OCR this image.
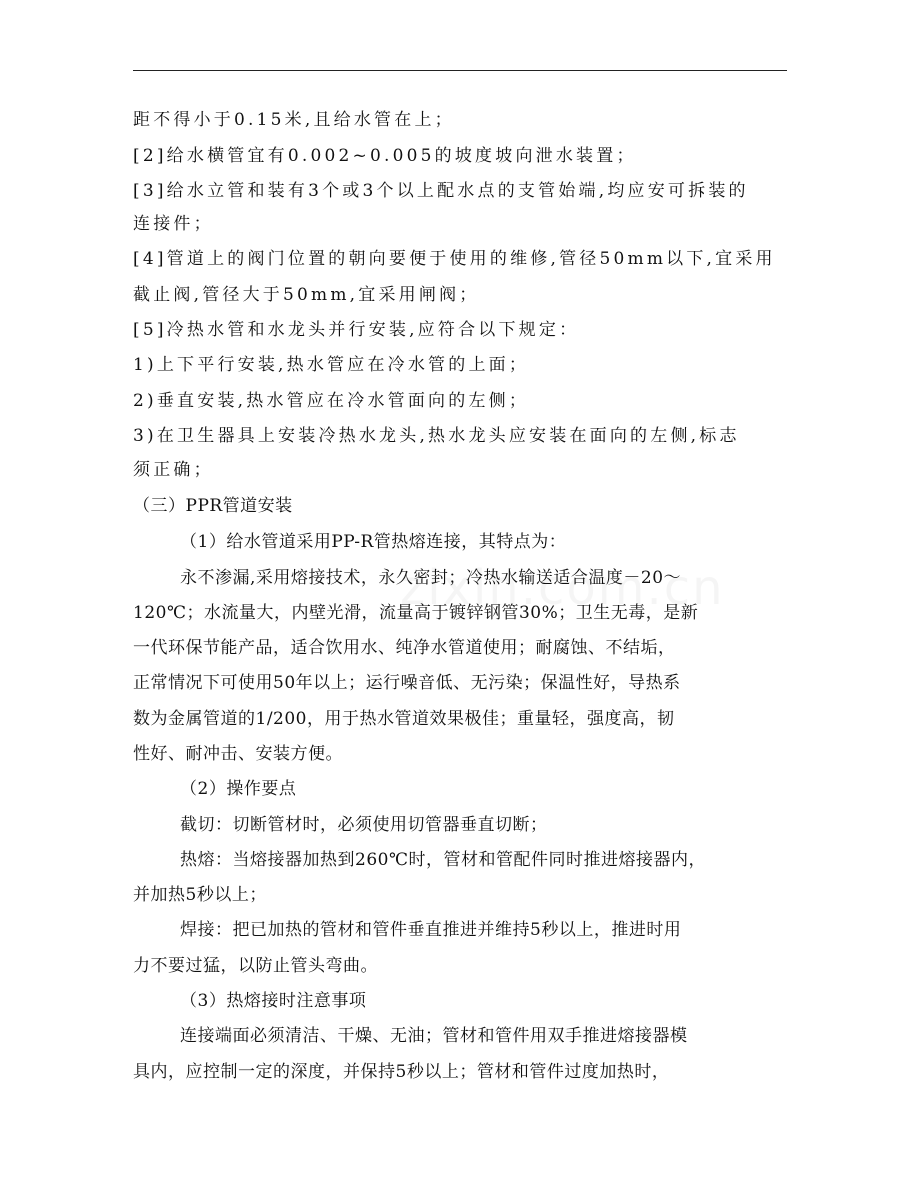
距不得小于0.15米,且给水管在上；
[2]给水横管宜有0.002~0.005的坡度坡向泄水装置；
[3]给水立管和装有3个或3个以上配水点的支管始端,均应安可拆装的
连接件；
[4]管道上的阀门位置的朝向要便于使用的维修,管径50mm以下,宜采用
截止阀,管径大于50mm,宜采用闸阀；
[5]冷热水管和水龙头并行安装,应符合以下规定：
1)上下平行安装,热水管应在冷水管的上面；
2)垂直安装,热水管应在冷水管面向的左侧；
3)在卫生器具上安装冷热水龙头,热水龙头应安装在面向的左侧,标志
须正确；
（三）PPR管道安装
（1）给水管道采用PP-R管热熔连接，其特点为：
永不渗漏,采用熔接技术，永久密封；冷热水输送适合温度－20～
120℃；水流量大，内壁光滑，流量高于镀锌钢管30%；卫生无毒，是新
一代环保节能产品，适合饮用水、纯净水管道使用；耐腐蚀、不结垢，
正常情况下可使用50年以上；运行噪音低、无污染；保温性好，导热系
数为金属管道的1/200，用于热水管道效果极佳；重量轻，强度高，韧
性好、耐冲击、安装方便。
（2）操作要点
截切：切断管材时，必须使用切管器垂直切断；
热熔：当熔接器加热到260℃时，管材和管配件同时推进熔接器内，
并加热5秒以上；
焊接：把已加热的管材和管件垂直推进并维持5秒以上，推进时用
力不要过猛，以防止管头弯曲。
（3）热熔接时注意事项
连接端面必须清洁、干燥、无油；管材和管件用双手推进熔接器模
具内，应控制一定的深度，并保持5秒以上；管材和管件过度加热时，
